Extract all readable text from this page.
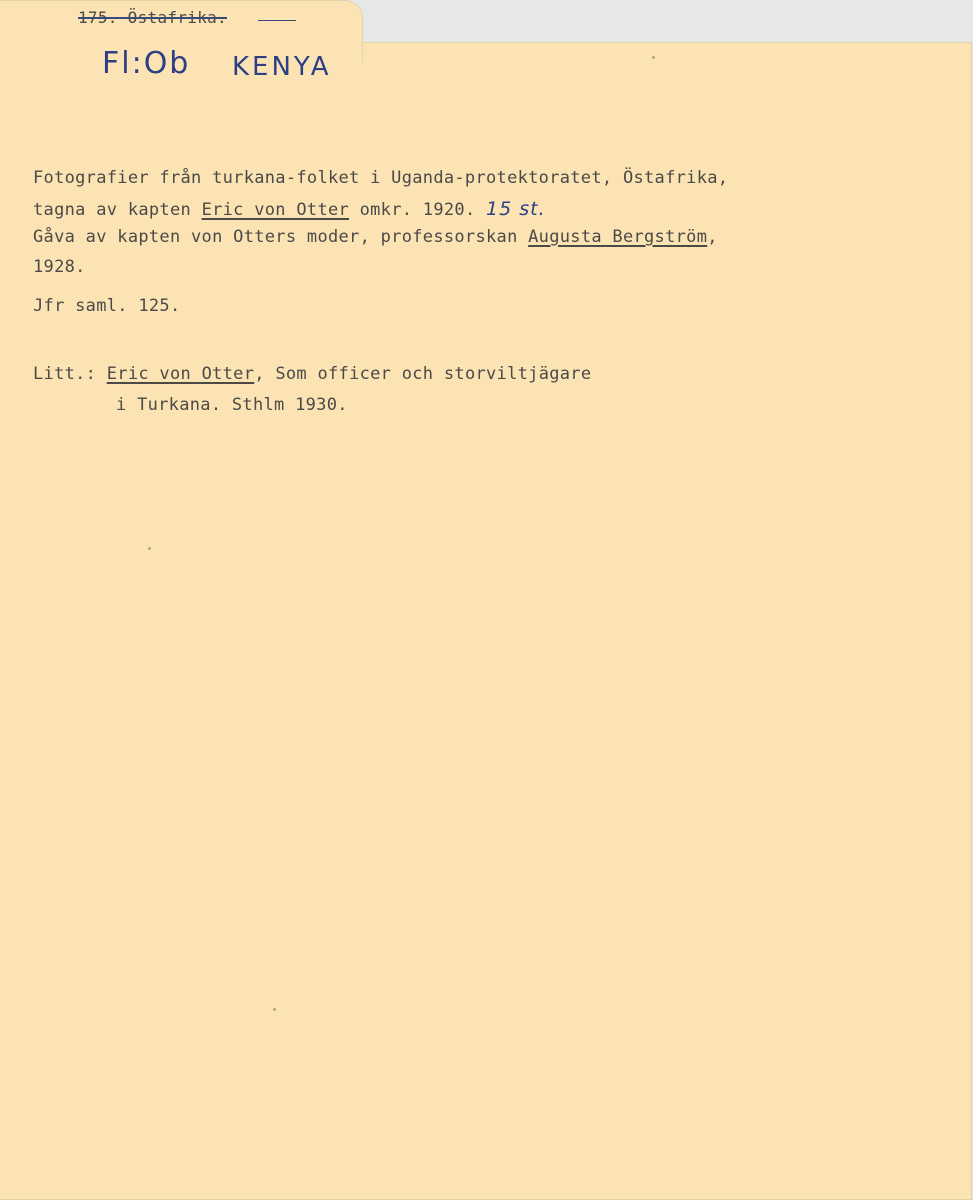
175. Östafrika.
Fl:Ob KENYA
Fotografier från turkana-folket i Uganda-protektoratet, Östafrika,
tagna av kapten Eric von Otter omkr. 1920. 15 st.
Gåva av kapten von Otters moder, professorskan Augusta Bergström,
1928.
Jfr saml. 125.
Litt.: Eric von Otter, Som officer och storviltjägare
i Turkana. Sthlm 1930.
